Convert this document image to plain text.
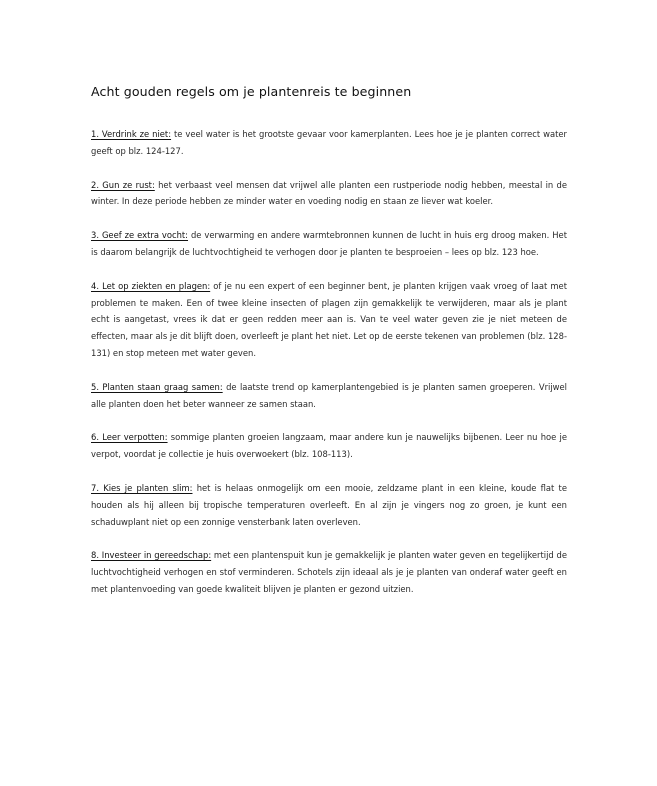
Acht gouden regels om je plantenreis te beginnen

1. Verdrink ze niet: te veel water is het grootste gevaar voor kamerplanten. Lees hoe je je planten correct water geeft op blz. 124-127.

2. Gun ze rust: het verbaast veel mensen dat vrijwel alle planten een rustperiode nodig hebben, meestal in de winter. In deze periode hebben ze minder water en voeding nodig en staan ze liever wat koeler.

3. Geef ze extra vocht: de verwarming en andere warmtebronnen kunnen de lucht in huis erg droog maken. Het is daarom belangrijk de luchtvochtigheid te verhogen door je planten te besproeien – lees op blz. 123 hoe.

4. Let op ziekten en plagen: of je nu een expert of een beginner bent, je planten krijgen vaak vroeg of laat met problemen te maken. Een of twee kleine insecten of plagen zijn gemakkelijk te verwijderen, maar als je plant echt is aangetast, vrees ik dat er geen redden meer aan is. Van te veel water geven zie je niet meteen de effecten, maar als je dit blijft doen, overleeft je plant het niet. Let op de eerste tekenen van problemen (blz. 128-131) en stop meteen met water geven.

5. Planten staan graag samen: de laatste trend op kamerplantengebied is je planten samen groeperen. Vrijwel alle planten doen het beter wanneer ze samen staan.

6. Leer verpotten: sommige planten groeien langzaam, maar andere kun je nauwelijks bijbenen. Leer nu hoe je verpot, voordat je collectie je huis overwoekert (blz. 108-113).

7. Kies je planten slim: het is helaas onmogelijk om een mooie, zeldzame plant in een kleine, koude flat te houden als hij alleen bij tropische temperaturen overleeft. En al zijn je vingers nog zo groen, je kunt een schaduwplant niet op een zonnige vensterbank laten overleven.

8. Investeer in gereedschap: met een plantenspuit kun je gemakkelijk je planten water geven en tegelijkertijd de luchtvochtigheid verhogen en stof verminderen. Schotels zijn ideaal als je je planten van onderaf water geeft en met plantenvoeding van goede kwaliteit blijven je planten er gezond uitzien.
